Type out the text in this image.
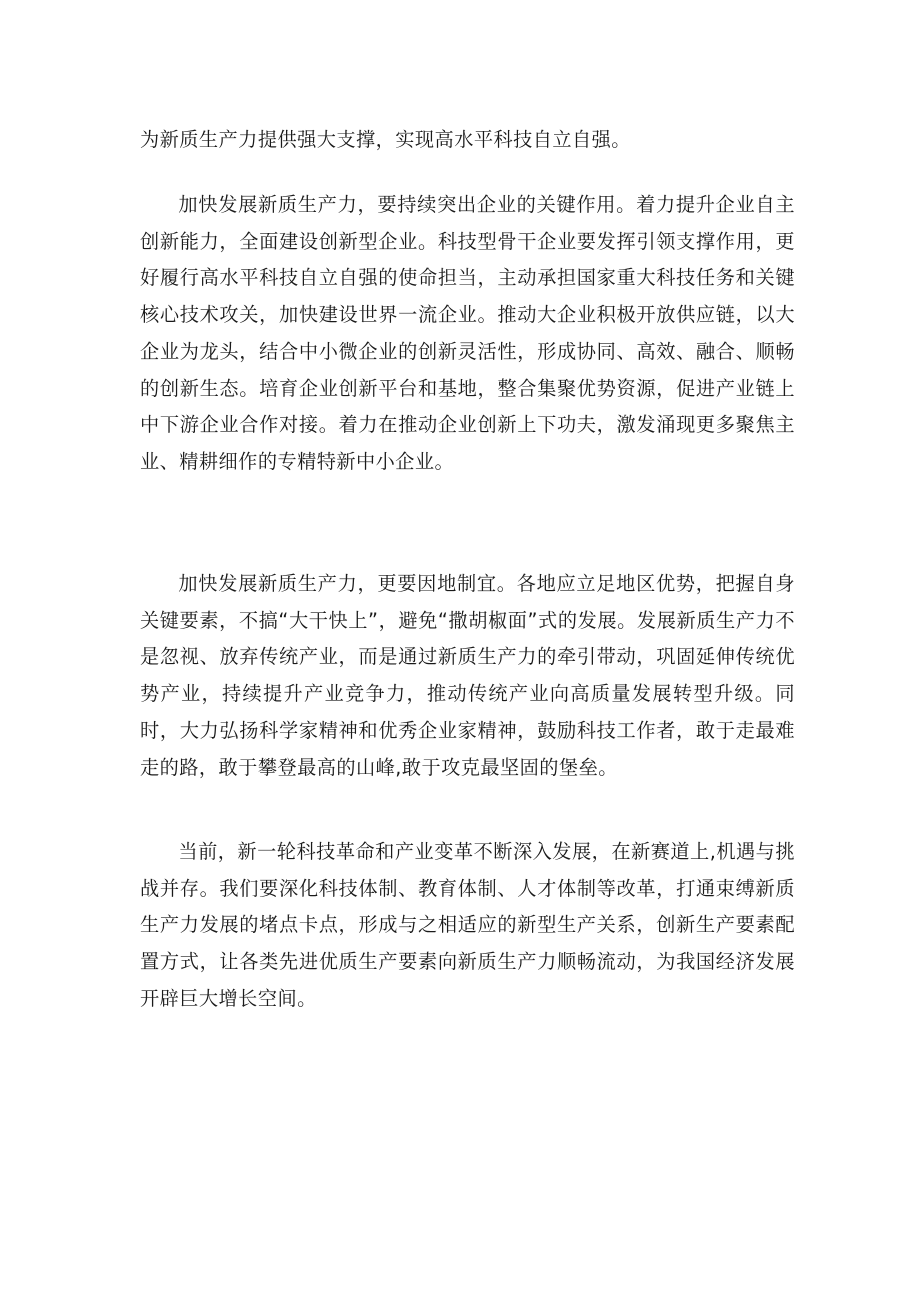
为新质生产力提供强大支撑，实现高水平科技自立自强。

加快发展新质生产力，要持续突出企业的关键作用。着力提升企业自主创新能力，全面建设创新型企业。科技型骨干企业要发挥引领支撑作用，更好履行高水平科技自立自强的使命担当，主动承担国家重大科技任务和关键核心技术攻关，加快建设世界一流企业。推动大企业积极开放供应链，以大企业为龙头，结合中小微企业的创新灵活性，形成协同、高效、融合、顺畅的创新生态。培育企业创新平台和基地，整合集聚优势资源，促进产业链上中下游企业合作对接。着力在推动企业创新上下功夫，激发涌现更多聚焦主业、精耕细作的专精特新中小企业。

加快发展新质生产力，更要因地制宜。各地应立足地区优势，把握自身关键要素，不搞“大干快上”，避免“撒胡椒面”式的发展。发展新质生产力不是忽视、放弃传统产业，而是通过新质生产力的牵引带动，巩固延伸传统优势产业，持续提升产业竞争力，推动传统产业向高质量发展转型升级。同时，大力弘扬科学家精神和优秀企业家精神，鼓励科技工作者，敢于走最难走的路，敢于攀登最高的山峰,敢于攻克最坚固的堡垒。

当前，新一轮科技革命和产业变革不断深入发展，在新赛道上,机遇与挑战并存。我们要深化科技体制、教育体制、人才体制等改革，打通束缚新质生产力发展的堵点卡点，形成与之相适应的新型生产关系，创新生产要素配置方式，让各类先进优质生产要素向新质生产力顺畅流动，为我国经济发展开辟巨大增长空间。
